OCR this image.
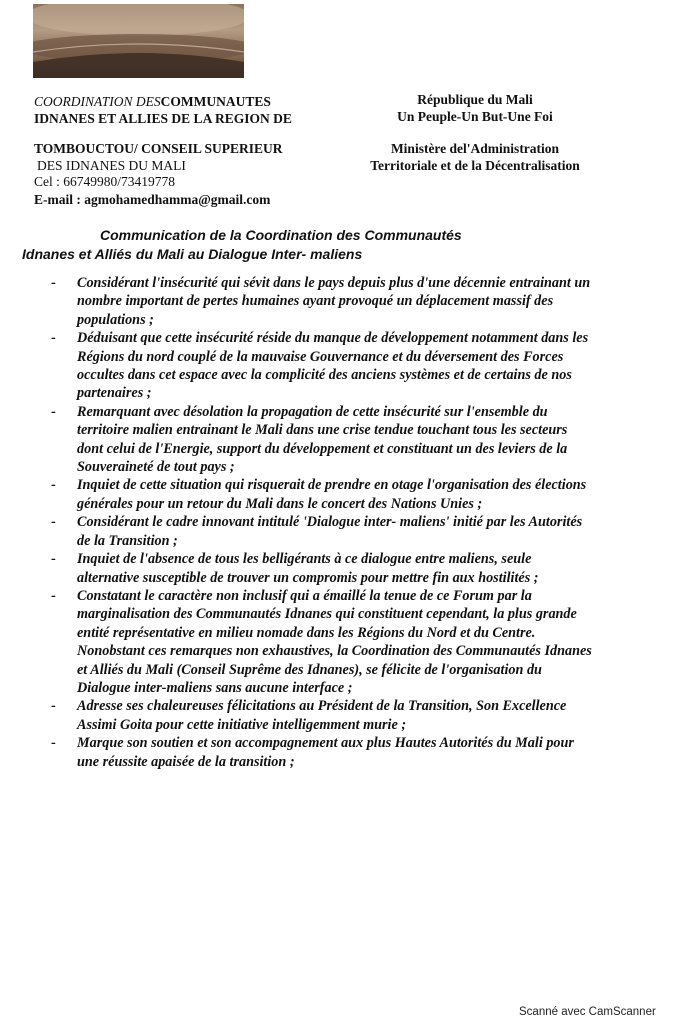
COORDINATION DESCOMMUNAUTES
IDNANES ET ALLIES DE LA REGION DE
TOMBOUCTOU/ CONSEIL SUPERIEUR
DES IDNANES DU MALI
République du Mali
Un Peuple-Un But-Une Foi
Ministère del'Administration
Territoriale et de la Décentralisation
Cel : 66749980/73419778
E-mail : agmohamedhamma@gmail.com
Communication de la Coordination des Communautés
Idnanes et Alliés du Mali au Dialogue Inter- maliens
- Considérant l'insécurité qui sévit dans le pays depuis plus d'une décennie entrainant un nombre important de pertes humaines ayant provoqué un déplacement massif des populations ;
- Déduisant que cette insécurité réside du manque de développement notamment dans les Régions du nord couplé de la mauvaise Gouvernance et du déversement des Forces occultes dans cet espace avec la complicité des anciens systèmes et de certains de nos partenaires ;
- Remarquant avec désolation la propagation de cette insécurité sur l'ensemble du territoire malien entrainant le Mali dans une crise tendue touchant tous les secteurs dont celui de l'Energie, support du développement et constituant un des leviers de la Souveraineté de tout pays ;
- Inquiet de cette situation qui risquerait de prendre en otage l'organisation des élections générales pour un retour du Mali dans le concert des Nations Unies ;
- Considérant le cadre innovant intitulé 'Dialogue inter- maliens' initié par les Autorités de la Transition ;
- Inquiet de l'absence de tous les belligérants à ce dialogue entre maliens, seule alternative susceptible de trouver un compromis pour mettre fin aux hostilités ;
- Constatant le caractère non inclusif qui a émaillé la tenue de ce Forum par la marginalisation des Communautés Idnanes qui constituent cependant, la plus grande entité représentative en milieu nomade dans les Régions du Nord et du Centre. Nonobstant ces remarques non exhaustives, la Coordination des Communautés Idnanes et Alliés du Mali (Conseil Suprême des Idnanes), se félicite de l'organisation du Dialogue inter-maliens sans aucune interface ;
- Adresse ses chaleureuses félicitations au Président de la Transition, Son Excellence Assimi Goita pour cette initiative intelligemment murie ;
- Marque son soutien et son accompagnement aux plus Hautes Autorités du Mali pour une réussite apaisée de la transition ;
Scanné avec CamScanner
